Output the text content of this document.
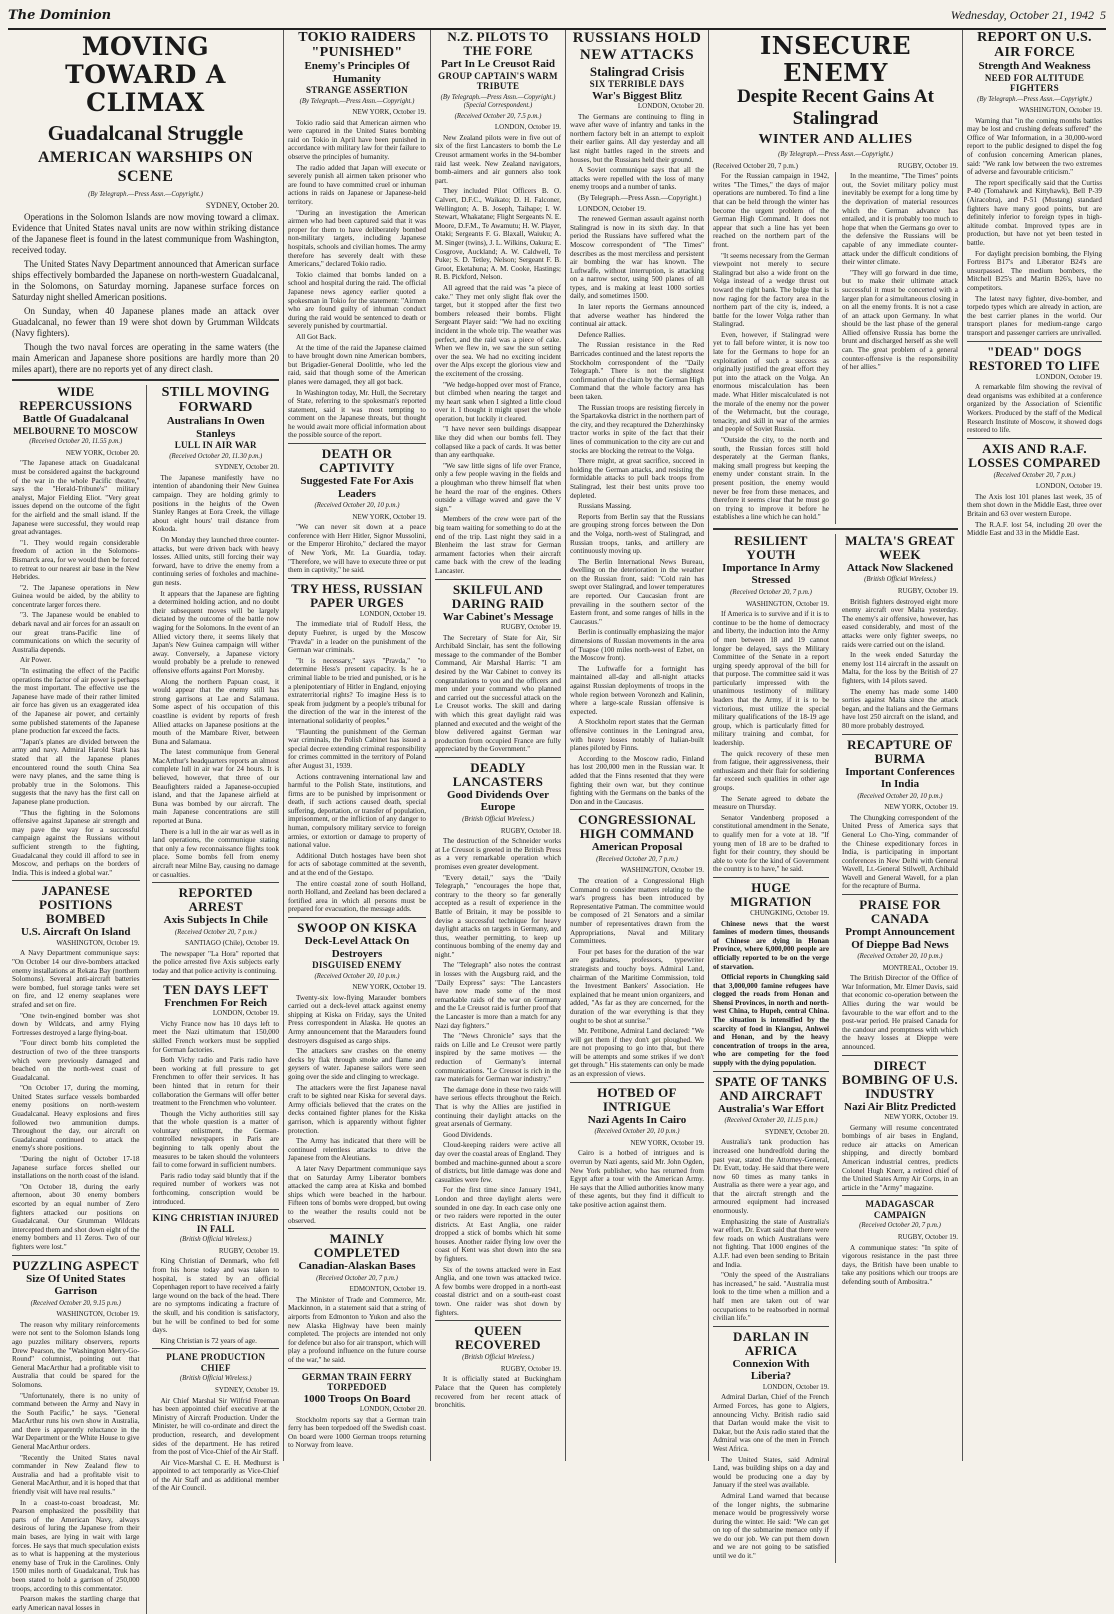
The Dominion	Wednesday, October 21, 1942 5
MOVING TOWARD A CLIMAX
Guadalcanal Struggle
AMERICAN WARSHIPS ON SCENE
(By Telegraph.—Press Assn.—Copyright.)
SYDNEY, October 20.

Operations in the Solomon Islands are now moving toward a climax. Evidence that United States naval units are now within striking distance of the Japanese fleet is found in the latest communique from Washington, received today.

The United States Navy Department announced that American surface ships effectively bombarded the Japanese on north-western Guadalcanal, in the Solomons, on Saturday morning. Japanese surface forces on Saturday night shelled American positions.

On Sunday, when 40 Japanese planes made an attack over Guadalcanal, no fewer than 19 were shot down by Grumman Wildcats (Navy fighters).

Though the two naval forces are operating in the same waters (the main American and Japanese shore positions are hardly more than 20 miles apart), there are no reports yet of any direct clash.

WIDE REPERCUSSIONS
Battle Of Guadalcanal
MELBOURNE TO MOSCOW
(Received October 20, 11.55 p.m.)
NEW YORK, October 20.

"The Japanese attack on Guadalcanal must be considered against the background of the war in the whole Pacific theatre," says the "Herald-Tribune's" military analyst, Major Fielding Eliot. "Very great issues depend on the outcome of the fight for the airfield and the small island. If the Japanese were successful, they would reap great advantages.

"1. They would regain considerable freedom of action in the Solomons-Bismarck area, for we would then be forced to retreat to our nearest air base in the New Hebrides.

"2. The Japanese operations in New Guinea would be aided, by the ability to concentrate larger forces there.

"3. The Japanese would be enabled to debark naval and air forces for an assault on our great trans-Pacific line of communications on which the security of Australia depends.

Air Power.

"In estimating the effect of the Pacific operations the factor of air power is perhaps the most important. The effective use the Japanese have made of their rather limited air force has given us an exaggerated idea of the Japanese air power, and certainly some published statements of the Japanese plane production far exceed the facts.

"Japan's planes are divided between the army and navy. Admiral Harold Stark has stated that all the Japanese planes encountered round the south China Sea were navy planes, and the same thing is probably true in the Solomons. This suggests that the navy has the first call on Japanese plane production.

"Thus the fighting in the Solomons offensive against Japanese air strength and may pave the way for a successful campaign against the Russians without sufficient strength to the fighting, Guadalcanal they could ill afford to see in Moscow, and perhaps on the borders of India. This is indeed a global war."

JAPANESE POSITIONS BOMBED
U.S. Aircraft On Island
WASHINGTON, October 19.

A Navy Department communique says: "On October 14 our dive-bombers attacked enemy installations at Rekata Bay (northern Solomons). Several anti-aircraft batteries were bombed, fuel storage tanks were set on fire, and 12 enemy seaplanes were strafed and set on fire.

"One twin-engined bomber was shot down by Wildcats, and army Flying Fortresses destroyed a large flying-boat.

"Four direct bomb hits completed the destruction of two of the three transports which were previously damaged and beached on the north-west coast of Guadalcanal.

"On October 17, during the morning, United States surface vessels bombarded enemy positions on north-western Guadalcanal. Heavy explosions and fires followed two ammunition dumps. Throughout the day, our aircraft on Guadalcanal continued to attack the enemy's shore positions.

"During the night of October 17-18 Japanese surface forces shelled our installations on the north coast of the island.

"On October 18, during the early afternoon, about 30 enemy bombers escorted by an equal number of Zero fighters attacked our positions on Guadalcanal. Our Grumman Wildcats intercepted them and shot down eight of the enemy bombers and 11 Zeros. Two of our fighters were lost."

PUZZLING ASPECT
Size Of United States Garrison
(Received October 20, 9.15 p.m.)
WASHINGTON, October 19.

The reason why military reinforcements were not sent to the Solomon Islands long ago puzzles military observers, reports Drew Pearson, the "Washington Merry-Go-Round" columnist, pointing out that General MacArthur had a profitable visit to Australia that could be spared for the Solomons.

"Unfortunately, there is no unity of command between the Army and Navy in the South Pacific," he says. "General MacArthur runs his own show in Australia, and there is apparently reluctance in the War Department or the White House to give General MacArthur orders.

"Recently the United States naval commander in New Zealand flew to Australia and had a profitable visit to General MacArthur, and it is hoped that that friendly visit will have real results."

In a coast-to-coast broadcast, Mr. Pearson emphasized the possibility that parts of the American Navy, always desirous of luring the Japanese from their main bases, are lying in wait with large forces. He says that much speculation exists as to what is happening at the mysterious enemy base of Truk in the Carolines. Only 1500 miles north of Guadalcanal, Truk has been stated to hold a garrison of 250,000 troops, according to this commentator.

Pearson makes the startling charge that early American naval losses in

STILL MOVING FORWARD
Australians In Owen Stanleys
LULL IN AIR WAR
(Received October 20, 11.30 p.m.)
SYDNEY, October 20.

The Japanese manifestly have no intention of abandoning their New Guinea campaign. They are holding grimly to positions in the heights of the Owen Stanley Ranges at Eora Creek, the village about eight hours' trail distance from Kokoda.

On Monday they launched three counter-attacks, but were driven back with heavy losses. Allied units, still forcing their way forward, have to drive the enemy from a continuing series of foxholes and machine-gun nests.

It appears that the Japanese are fighting a determined holding action, and no doubt their subsequent moves will be largely dictated by the outcome of the battle now waging for the Solomons. In the event of an Allied victory there, it seems likely that Japan's New Guinea campaign will wither away. Conversely, a Japanese victory would probably be a prelude to renewed offensive efforts against Port Moresby.

Along the northern Papuan coast, it would appear that the enemy still has strong garrisons at Lae and Salamaua. Some aspect of his occupation of this coastline is evident by reports of fresh Allied attacks on Japanese positions at the mouth of the Mambare River, between Buna and Salamaua.

The latest communique from General MacArthur's headquarters reports an almost complete lull in air war for 24 hours. It is believed, however, that three of our Beaufighters raided a Japanese-occupied island, and that the Japanese airfield at Buna was bombed by our aircraft. The main Japanese concentrations are still reported at Buna.

There is a lull in the air war as well as in land operations, the communique stating that only a few reconnaissance flights took place. Some bombs fell from enemy aircraft near Milne Bay, causing no damage or casualties.

REPORTED ARREST
Axis Subjects In Chile
(Received October 20, 7 p.m.)
SANTIAGO (Chile), October 19.

The newspaper "La Hora" reported that the police arrested five Axis subjects early today and that police activity is continuing.

TEN DAYS LEFT
Frenchmen For Reich
LONDON, October 19.

Vichy France now has 10 days left to meet the Nazi ultimatum that 150,000 skilled French workers must be supplied for German factories.

Both Vichy radio and Paris radio have been working at full pressure to get Frenchmen to offer their services. It has been hinted that in return for their collaboration the Germans will offer better treatment to the Frenchmen who volunteer.

Though the Vichy authorities still say that the whole question is a matter of voluntary enlistment, the German-controlled newspapers in Paris are beginning to talk openly about the measures to be taken should the volunteers fail to come forward in sufficient numbers.

Paris radio today said bluntly that if the required number of workers was not forthcoming, conscription would be introduced.

KING CHRISTIAN INJURED IN FALL
(British Official Wireless.)
RUGBY, October 19.

King Christian of Denmark, who fell from his horse today and was taken to hospital, is stated by an official Copenhagen report to have received a fairly large wound on the back of the head. There are no symptoms indicating a fracture of the skull, and his condition is satisfactory, but he will be confined to bed for some days.

King Christian is 72 years of age.

PLANE PRODUCTION CHIEF
(British Official Wireless.)
SYDNEY, October 19.

Air Chief Marshal Sir Wilfrid Freeman has been appointed chief executive at the Ministry of Aircraft Production. Under the Minister, he will co-ordinate and direct the production, research, and development sides of the department. He has retired from the post of Vice-Chief of the Air Staff.

Air Vice-Marshal C. E. H. Medhurst is appointed to act temporarily as Vice-Chief of the Air Staff and as additional member of the Air Council.

TOKIO RAIDERS "PUNISHED"
Enemy's Principles Of Humanity
STRANGE ASSERTION
(By Telegraph.—Press Assn.—Copyright.)
NEW YORK, October 19.

Tokio radio said that American airmen who were captured in the United States bombing raid on Tokio in April have been punished in accordance with military law for their failure to observe the principles of humanity.

The radio added that Japan will execute or severely punish all airmen taken prisoner who are found to have committed cruel or inhuman actions in raids on Japanese or Japanese-held territory.

"During an investigation the American airmen who had been captured said that it was proper for them to have deliberately bombed non-military targets, including Japanese hospitals, schools and civilian homes. The army therefore has severely dealt with these Americans," declared Tokio radio.

Tokio claimed that bombs landed on a school and hospital during the raid. The official Japanese news agency earlier quoted a spokesman in Tokio for the statement: "Airmen who are found guilty of inhuman conduct during the raid would be sentenced to death or severely punished by courtmartial.

All Got Back.

At the time of the raid the Japanese claimed to have brought down nine American bombers, but Brigadier-General Doolittle, who led the raid, said that though some of the American planes were damaged, they all got back.

In Washington today, Mr. Hull, the Secretary of State, referring to the spokesman's reported statement, said it was most tempting to comment on the Japanese threats, but thought he would await more official information about the possible source of the report.

DEATH OR CAPTIVITY
Suggested Fate For Axis Leaders
(Received October 20, 10 p.m.)
NEW YORK, October 19.

"We can never sit down at a peace conference with Herr Hitler, Signor Mussolini, or the Emperor Hirohito," declared the mayor of New York, Mr. La Guardia, today. "Therefore, we will have to execute three or put them in captivity," he said.

TRY HESS, RUSSIAN PAPER URGES
LONDON, October 19.

The immediate trial of Rudolf Hess, the deputy Fuehrer, is urged by the Moscow "Pravda" in a leader on the punishment of the German war criminals.

"It is necessary," says "Pravda," "to determine Hess's present capacity. Is he a criminal liable to be tried and punished, or is he a plenipotentiary of Hitler in England, enjoying extraterritorial rights? To imagine Hess is to speak from judgment by a people's tribunal for the direction of the war in the interest of the international solidarity of peoples."

"Flaunting the punishment of the German war criminals, the Polish Cabinet has issued a special decree extending criminal responsibility for crimes committed in the territory of Poland after August 31, 1939.

Actions contravening international law and harmful to the Polish State, institutions, and firms are to be punished by imprisonment or death, if such actions caused death, special suffering, deportation, or transfer of population, imprisonment, or the infliction of any danger to human, compulsory military service to foreign armies, or extortion or damage to property of national value.

Additional Dutch hostages have been shot for acts of sabotage committed at the seventh, and at the end of the Gestapo.

The entire coastal zone of south Holland, north Holland, and Zeeland has been declared a fortified area in which all persons must be prepared for evacuation, the message adds.

SWOOP ON KISKA
Deck-Level Attack On Destroyers
DISGUISED ENEMY
(Received October 20, 10 p.m.)
NEW YORK, October 19.

Twenty-six low-flying Marauder bombers carried out a deck-level attack against enemy shipping at Kiska on Friday, says the United Press correspondent in Alaska. He quotes an Army announcement that the Marauders found destroyers disguised as cargo ships.

The attackers saw crashes on the enemy decks by flak through smoke and flame and geysers of water. Japanese sailors were seen going over the side and clinging to wreckage.

The attackers were the first Japanese naval craft to be sighted near Kiska for several days. Army officials believed that the crates on the decks contained fighter planes for the Kiska garrison, which is apparently without fighter protection.

The Army has indicated that there will be continued relentless attacks to drive the Japanese from the Aleutians.

A later Navy Department communique says that on Saturday Army Liberator bombers attacked the camp area at Kiska and bombed ships which were beached in the harbour. Fifteen tons of bombs were dropped, but owing to the weather the results could not be observed.

MAINLY COMPLETED
Canadian-Alaskan Bases
(Received October 20, 7 p.m.)
EDMONTON, October 19.

The Minister of Trade and Commerce, Mr. Mackinnon, in a statement said that a string of airports from Edmonton to Yukon and also the new Alaska Highway have been mainly completed. The projects are intended not only for defence but also for air transport, which will play a profound influence on the future course of the war," he said.

GERMAN TRAIN FERRY TORPEDOED
1000 Troops On Board
LONDON, October 20.

Stockholm reports say that a German train ferry has been torpedoed off the Swedish coast. On board were 1000 German troops returning to Norway from leave.

N.Z. PILOTS TO THE FORE
Part In Le Creusot Raid
GROUP CAPTAIN'S WARM TRIBUTE
(By Telegraph.—Press Assn.—Copyright.) (Special Correspondent.)
(Received October 20, 7.5 p.m.)
LONDON, October 19.

New Zealand pilots were in five out of six of the first Lancasters to bomb the Le Creusot armament works in the 94-bomber raid last week. New Zealand navigators, bomb-aimers and air gunners also took part.

They included Pilot Officers B. O. Calvert, D.F.C., Waikato; D. H. Falconer, Wellington; A. B. Joseph, Taihape; I. W. Stewart, Whakatane; Flight Sergeants N. E. Moore, D.F.M., Te Awamutu; H. W. Player, Otaki; Sergeants F. G. Blaxall, Waiuku; A. M. Singer (twins), J. L. Wilkins, Oakura; E. Cosgrove, Auckland; A. W. Caldwell, Te Puke; S. D. Tetley, Nelson; Sergeant F. B. Groot, Eketahuna; A. M. Cooke, Hastings; R. B. Pickford, Nelson.

All agreed that the raid was "a piece of cake." They met only slight flak over the target, but it stopped after the first two bombers released their bombs. Flight Sergeant Player said: "We had no exciting incident in the whole trip. The weather was perfect, and the raid was a piece of cake. When we flew in, we saw the sun setting over the sea. We had no exciting incident over the Alps except the glorious view and the excitement of the crossing.

"We hedge-hopped over most of France, but climbed when nearing the target and my heart sank when I sighted a little cloud over it. I thought it might upset the whole operation, but luckily it cleared.

"I have never seen buildings disappear like they did when our bombs fell. They collapsed like a pack of cards. It was better than any earthquake.

"We saw little signs of life over France, only a few people waving in the fields and a ploughman who threw himself flat when he heard the roar of the engines. Others outside a village waved and gave the V sign."

Members of the crew were part of the big team waiting for something to do at the end of the trip. Last night they said in a Blenheim the last straw for German armament factories when their aircraft came back with the crew of the leading Lancaster.

SKILFUL AND DARING RAID
War Cabinet's Message
RUGBY, October 19.

The Secretary of State for Air, Sir Archibald Sinclair, has sent the following message to the commander of the Bomber Command, Air Marshal Harris: "I am desired by the War Cabinet to convey its congratulations to you and the officers and men under your command who planned and carried out the successful attack on the Le Creusot works. The skill and daring with which this great daylight raid was planned and executed and the weight of the blow delivered against German war production from occupied France are fully appreciated by the Government."

DEADLY LANCASTERS
Good Dividends Over Europe
(British Official Wireless.)
RUGBY, October 18.

The destruction of the Schneider works at Le Creusot is greeted in the British Press as a very remarkable operation which promises even greater development.

"Every detail," says the "Daily Telegraph," "encourages the hope that, contrary to the theory so far generally accepted as a result of experience in the Battle of Britain, it may be possible to devise a successful technique for heavy daylight attacks on targets in Germany, and thus, weather permitting, to keep up continuous bombing of the enemy day and night."

The "Telegraph" also notes the contrast in losses with the Augsburg raid, and the "Daily Express" says: "The Lancasters have now made some of the most remarkable raids of the war on Germany and the Le Creusot raid is further proof that the Lancaster is more than a match for any Nazi day fighters."

The "News Chronicle" says that the raids on Lille and Le Creusot were partly inspired by the same motives — the reduction of Germany's internal communications. "Le Creusot is rich in the raw materials for German war industry."

The damage done in these two raids will have serious effects throughout the Reich. That is why the Allies are justified in continuing their daylight attacks on the great arsenals of Germany.

Good Dividends.

Cloud-keeping raiders were active all day over the coastal areas of England. They bombed and machine-gunned about a score of districts, but little damage was done and casualties were few.

For the first time since January 1941, London and three daylight alerts were sounded in one day. In each case only one or two raiders were reported in the outer districts. At East Anglia, one raider dropped a stick of bombs which hit some houses. Another raider flying low over the coast of Kent was shot down into the sea by fighters.

Six of the towns attacked were in East Anglia, and one town was attacked twice. A few bombs were dropped in a north-east coastal district and on a south-east coast town. One raider was shot down by fighters.

QUEEN RECOVERED
(British Official Wireless.)
RUGBY, October 19.

It is officially stated at Buckingham Palace that the Queen has completely recovered from her recent attack of bronchitis.

RUSSIANS HOLD NEW ATTACKS
Stalingrad Crisis
SIX TERRIBLE DAYS
War's Biggest Blitz
LONDON, October 20.

The Germans are continuing to fling in wave after wave of infantry and tanks in the northern factory belt in an attempt to exploit their earlier gains. All day yesterday and all last night battles raged in the streets and houses, but the Russians held their ground.

A Soviet communique says that all the attacks were repelled with the loss of many enemy troops and a number of tanks.

(By Telegraph.—Press Assn.—Copyright.)

LONDON, October 19.

The renewed German assault against north Stalingrad is now in its sixth day. In that period the Russians have suffered what the Moscow correspondent of "The Times" describes as the most merciless and persistent air bombing the war has known. The Luftwaffe, without interruption, is attacking on a narrow sector, using 500 planes of all types, and is making at least 1000 sorties daily, and sometimes 1500.

In later reports the Germans announced that adverse weather has hindered the continual air attack.

Defence Rallies.

The Russian resistance in the Red Barricades continued and the latest reports the Stockholm correspondent of the "Daily Telegraph." There is not the slightest confirmation of the claim by the German High Command that the whole factory area has been taken.

The Russian troops are resisting fiercely in the Spartakovka district in the northern part of the city, and they recaptured the Dzherzhinsky tractor works in spite of the fact that their lines of communication to the city are cut and stocks are blocking the retreat to the Volga.

There might, at great sacrifice, succeed in holding the German attacks, and resisting the formidable attacks to pull back troops from Stalingrad, lest their best units prove too depleted.

Russians Massing.

Reports from Berlin say that the Russians are grouping strong forces between the Don and the Volga, north-west of Stalingrad, and Russian troops, tanks, and artillery are continuously moving up.

The Berlin International News Bureau, dwelling on the deterioration in the weather on the Russian front, said: "Cold rain has swept over Stalingrad, and lower temperatures are reported. Our Caucasian front are prevailing in the southern sector of the Eastern front, and some ranges of hills in the Caucasus."

Berlin is continually emphasizing the major dimensions of Russian movements in the area of Tuapse (100 miles north-west of Ezbet, on the Moscow front).

The Luftwaffe for a fortnight has maintained all-day and all-night attacks against Russian deployments of troops in the whole region between Voronezh and Kalinin, where a large-scale Russian offensive is expected.

A Stockholm report states that the German offensive continues in the Leningrad area, with heavy losses notably of Italian-built planes piloted by Finns.

According to the Moscow radio, Finland has lost 200,000 men in the Russian war. It added that the Finns resented that they were fighting their own war, but they continue fighting with the Germans on the banks of the Don and in the Caucasus.

CONGRESSIONAL HIGH COMMAND
American Proposal
(Received October 20, 7 p.m.)
WASHINGTON, October 19.

The creation of a Congressional High Command to consider matters relating to the war's progress has been introduced by Representative Patman. The committee would be composed of 21 Senators and a similar number of representatives drawn from the Appropriations, Naval and Military Committees.

Four pet bases for the duration of the war are graduates, professors, typewriter strategists and touchy boys. Admiral Land, chairman of the Maritime Commission, told the Investment Bankers' Association. He explained that he meant union organizers, and added, "As far as they are concerned, for the duration of the war everything is that they ought to be shot at sunrise."

Mr. Pettibone, Admiral Land declared: "We will get them if they don't get ploughed. We are not proposing to go into that, but there will be attempts and some strikes if we don't get through." His statements can only be made as an expression of views.

HOTBED OF INTRIGUE
Nazi Agents In Cairo
(Received October 20, 10 p.m.)
NEW YORK, October 19.

Cairo is a hotbed of intrigues and is overrun by Nazi agents, said Mr. John Ogden, New York publisher, who has returned from Egypt after a tour with the American Army. He says that the Allied authorities know many of these agents, but they find it difficult to take positive action against them.

INSECURE ENEMY
Despite Recent Gains At Stalingrad
WINTER AND ALLIES
(By Telegraph.—Press Assn.—Copyright.)
(Received October 20, 7 p.m.)	RUGBY, October 19.

For the Russian campaign in 1942, writes "The Times," the days of major operations are numbered. To find a line that can be held through the winter has become the urgent problem of the German High Command. It does not appear that such a line has yet been reached on the northern part of the front.

"It seems necessary from the German viewpoint not merely to secure Stalingrad but also a wide front on the Volga instead of a wedge thrust out toward the right bank. The bulge that is now raging for the factory area in the northern part of the city is, indeed, a battle for the lower Volga rather than Stalingrad.

Even, however, if Stalingrad were yet to fall before winter, it is now too late for the Germans to hope for an exploitation of such a success as originally justified the great effort they put into the attack on the Volga. An enormous miscalculation has been made. What Hitler miscalculated is not the morale of the enemy nor the power of the Wehrmacht, but the courage, tenacity, and skill in war of the armies and people of Soviet Russia.

"Outside the city, to the north and south, the Russian forces still hold desperately at the German flanks, making small progress but keeping the enemy under constant strain. In the present position, the enemy would never be free from these menaces, and therefore it seems clear that he must go on trying to improve it before he establishes a line which he can hold."

In the meantime, "The Times" points out, the Soviet military policy must inevitably be exempt for a long time by the deprivation of material resources which the German advance has entailed, and it is probably too much to hope that when the Germans go over to the defensive the Russians will be capable of any immediate counter-attack under the difficult conditions of their winter climate.

"They will go forward in due time, but to make their ultimate attack successful it must be concerted with a larger plan for a simultaneous closing in on all the enemy fronts. It is not a case of an attack upon Germany. In what should be the last phase of the general Allied offensive Russia has borne the brunt and discharged herself as she well can. The great problem of a general counter-offensive is the responsibility of her allies."

RESILIENT YOUTH
Importance In Army Stressed
(Received October 20, 7 p.m.)
WASHINGTON, October 19.

If America is to survive and if it is to continue to be the home of democracy and liberty, the induction into the Army of men between 18 and 19 cannot longer be delayed, says the Military Committee of the Senate in a report urging speedy approval of the bill for that purpose. The committee said it was particularly impressed with the unanimous testimony of military leaders that the Army, if it is to be victorious, must utilize the special military qualifications of the 18-19 age group, which is particularly fitted for military training and combat, for leadership.

The quick recovery of these men from fatigue, their aggressiveness, their enthusiasm and their flair for soldiering far exceed such qualities in other age groups.

The Senate agreed to debate the measure on Thursday.

Senator Vandenberg proposed a constitutional amendment in the Senate, to qualify men for a vote at 18. "If young men of 18 are to be drafted to fight for their country, they should be able to vote for the kind of Government the country is to have," he said.

HUGE MIGRATION
CHUNGKING, October 19.

Chinese news that the worst famines of modern times, thousands of Chinese are dying in Honan Province, where 6,000,000 people are officially reported to be on the verge of starvation.

Official reports in Chungking said that 3,000,000 famine refugees have clogged the roads from Honan and Shensi Provinces, in north and north-west China, to Hupeh, central China. The situation is intensified by the scarcity of food in Kiangsu, Anhwei and Honan, and by the heavy concentration of troops in the area, who are competing for the food supply with the dying population.

SPATE OF TANKS AND AIRCRAFT
Australia's War Effort
(Received October 20, 11.15 p.m.)
SYDNEY, October 20.

Australia's tank production has increased one hundredfold during the past year, stated the Attorney-General, Dr. Evatt, today. He said that there were now 60 times as many tanks in Australia as there were a year ago, and that the aircraft strength and the armoured equipment had increased enormously.

Emphasizing the state of Australia's war effort, Dr. Evatt said that there were few roads on which Australians were not fighting. That 1000 engines of the A.I.F. had even been sending to Britain and India.

"Only the speed of the Australians has increased," he said. "Australia must look to the time when a million and a half men are taken out of war occupations to be reabsorbed in normal civilian life."

DARLAN IN AFRICA
Connexion With Liberia?
LONDON, October 19.

Admiral Darlan, Chief of the French Armed Forces, has gone to Algiers, announcing Vichy. British radio said that Darlan would make the visit to Dakar, but the Axis radio stated that the Admiral was one of the men in French West Africa.

The United States, said Admiral Land, was building ships on a day and would be producing one a day by January if the steel was available.

Admiral Land warned that because of the longer nights, the submarine menace would be progressively worse during the winter. He said: "We can get on top of the submarine menace only if we do our job. We can put them down and we are not going to be satisfied until we do it."

MALTA'S GREAT WEEK
Attack Now Slackened
(British Official Wireless.)
RUGBY, October 19.

British fighters destroyed eight more enemy aircraft over Malta yesterday. The enemy's air offensive, however, has eased considerably, and most of the attacks were only fighter sweeps, no raids were carried out on the island.

In the week ended Saturday the enemy lost 114 aircraft in the assault on Malta, for the loss by the British of 27 fighters, with 14 pilots saved.

The enemy has made some 1400 sorties against Malta since the attack began, and the Italians and the Germans have lost 250 aircraft on the island, and 80 more probably destroyed.

RECAPTURE OF BURMA
Important Conferences In India
(Received October 20, 10 p.m.)
NEW YORK, October 19.

The Chungking correspondent of the United Press of America says that General Lo Cho-Ying, commander of the Chinese expeditionary forces in India, is participating in important conferences in New Delhi with General Wavell, Lt.-General Stilwell, Archibald Wavell and General Wavell, for a plan for the recapture of Burma.

PRAISE FOR CANADA
Prompt Announcement Of Dieppe Bad News
(Received October 20, 10 p.m.)
MONTREAL, October 19.

The British Director of the Office of War Information, Mr. Elmer Davis, said that economic co-operation between the Allies during the war would be favourable to the war effort and to the post-war period. He praised Canada for the candour and promptness with which the heavy losses at Dieppe were announced.

DIRECT BOMBING OF U.S. INDUSTRY
Nazi Air Blitz Predicted
NEW YORK, October 19.

Germany will resume concentrated bombings of air bases in England, reduce air attacks on American shipping, and directly bombard American industrial centres, predicts Colonel Hugh Knerr, a retired chief of the United States Army Air Corps, in an article in the "Army" magazine.

MADAGASCAR CAMPAIGN
(Received October 20, 7 p.m.)
RUGBY, October 19.

A communique states: "In spite of vigorous resistance in the past three days, the British have been unable to take any positions which our troops are defending south of Ambositra."

REPORT ON U.S. AIR FORCE
Strength And Weakness
NEED FOR ALTITUDE FIGHTERS
(By Telegraph.—Press Assn.—Copyright.)
WASHINGTON, October 19.

Warning that "in the coming months battles may be lost and crushing defeats suffered" the Office of War Information, in a 30,000-word report to the public designed to dispel the fog of confusion concerning American planes, said: "We rank low between the two extremes of adverse and favourable criticism."

The report specifically said that the Curtiss P-40 (Tomahawk and Kittyhawk), Bell P-39 (Airacobra), and P-51 (Mustang) standard fighters have many good points, but are definitely inferior to foreign types in high-altitude combat. Improved types are in production, but have not yet been tested in battle.

For daylight precision bombing, the Flying Fortress B17's and Liberator B24's are unsurpassed. The medium bombers, the Mitchell B25's and Martin B26's, have no competitors.

The latest navy fighter, dive-bomber, and torpedo types which are already in action, are the best carrier planes in the world. Our transport planes for medium-range cargo transport and passenger carriers are unrivalled.

"DEAD" DOGS RESTORED TO LIFE
LONDON, October 19.

A remarkable film showing the revival of dead organisms was exhibited at a conference organized by the Association of Scientific Workers. Produced by the staff of the Medical Research Institute of Moscow, it showed dogs restored to life.

AXIS AND R.A.F. LOSSES COMPARED
(Received October 20, 7 p.m.)
LONDON, October 19.

The Axis lost 101 planes last week, 35 of them shot down in the Middle East, three over Britain and 63 over western Europe.

The R.A.F. lost 54, including 20 over the Middle East and 33 in the Middle East.
